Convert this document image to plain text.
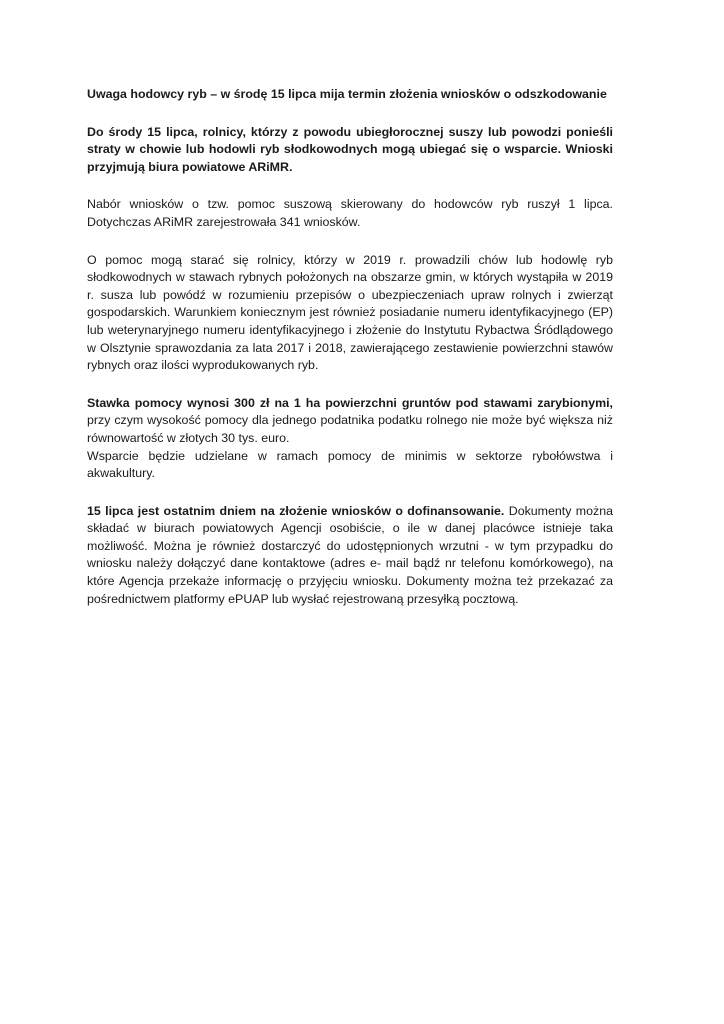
Uwaga hodowcy ryb – w środę 15 lipca mija termin złożenia wniosków o odszkodowanie

Do środy 15 lipca, rolnicy, którzy z powodu ubiegłorocznej suszy lub powodzi ponieśli straty w chowie lub hodowli ryb słodkowodnych mogą ubiegać się o wsparcie. Wnioski przyjmują biura powiatowe ARiMR.

Nabór wniosków o tzw. pomoc suszową skierowany do hodowców ryb ruszył 1 lipca. Dotychczas ARiMR zarejestrowała 341 wniosków.

O pomoc mogą starać się rolnicy, którzy w 2019 r. prowadzili chów lub hodowlę ryb słodkowodnych w stawach rybnych położonych na obszarze gmin, w których wystąpiła w 2019 r. susza lub powódź w rozumieniu przepisów o ubezpieczeniach upraw rolnych i zwierząt gospodarskich. Warunkiem koniecznym jest również posiadanie numeru identyfikacyjnego (EP) lub weterynaryjnego numeru identyfikacyjnego i złożenie do Instytutu Rybactwa Śródlądowego w Olsztynie sprawozdania za lata 2017 i 2018, zawierającego zestawienie powierzchni stawów rybnych oraz ilości wyprodukowanych ryb.

Stawka pomocy wynosi 300 zł na 1 ha powierzchni gruntów pod stawami zarybionymi, przy czym wysokość pomocy dla jednego podatnika podatku rolnego nie może być większa niż równowartość w złotych 30 tys. euro.

Wsparcie będzie udzielane w ramach pomocy de minimis w sektorze rybołówstwa i akwakultury.

15 lipca jest ostatnim dniem na złożenie wniosków o dofinansowanie. Dokumenty można składać w biurach powiatowych Agencji osobiście, o ile w danej placówce istnieje taka możliwość. Można je również dostarczyć do udostępnionych wrzutni - w tym przypadku do wniosku należy dołączyć dane kontaktowe (adres e- mail bądź nr telefonu komórkowego), na które Agencja przekaże informację o przyjęciu wniosku. Dokumenty można też przekazać za pośrednictwem platformy ePUAP lub wysłać rejestrowaną przesyłką pocztową.
